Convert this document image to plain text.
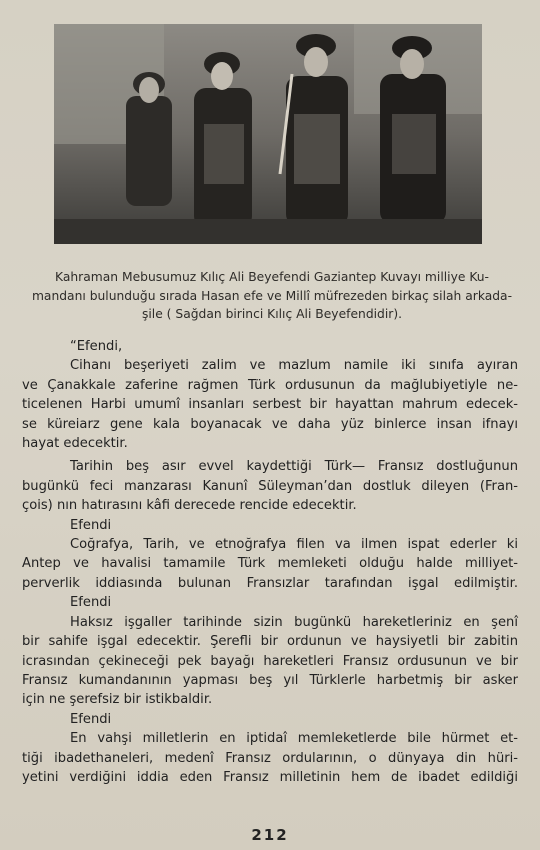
Kahraman Mebusumuz Kılıç Ali Beyefendi Gaziantep Kuvayı milliye Ku-

mandanı bulunduğu sırada Hasan efe ve Millî müfrezeden birkaç silah arkada-

şile ( Sağdan birinci Kılıç Ali Beyefendidir).

“Efendi,

Cihanı beşeriyeti zalim ve mazlum namile iki sınıfa ayıran

ve Çanakkale zaferine rağmen Türk ordusunun da mağlubiyetiyle ne-

ticelenen Harbi umumî insanları serbest bir hayattan mahrum edecek-

se küreiarz gene kala boyanacak ve daha yüz binlerce insan ifnayı

hayat edecektir.

Tarihin beş asır evvel kaydettiği Türk— Fransız dostluğunun

bugünkü feci manzarası Kanunî Süleyman’dan dostluk dileyen (Fran-

çois) nın hatırasını kâfi derecede rencide edecektir.

Efendi

Coğrafya, Tarih, ve etnoğrafya filen va ilmen ispat ederler ki

Antep ve havalisi tamamile Türk memleketi olduğu halde milliyet-

perverlik iddiasında bulunan Fransızlar tarafından işgal edilmiştir.

Efendi

Haksız işgaller tarihinde sizin bugünkü hareketleriniz en şenî

bir sahife işgal edecektir. Şerefli bir ordunun ve haysiyetli bir zabitin

icrasından çekineceği pek bayağı hareketleri Fransız ordusunun ve bir

Fransız kumandanının yapması beş yıl Türklerle harbetmiş bir asker

için ne şerefsiz bir istikbaldir.

Efendi

En vahşi milletlerin en iptidaî memleketlerde bile hürmet et-

tiği ibadethaneleri, medenî Fransız ordularının, o dünyaya din hüri-

yetini verdiğini iddia eden Fransız milletinin hem de ibadet edildiği

212
